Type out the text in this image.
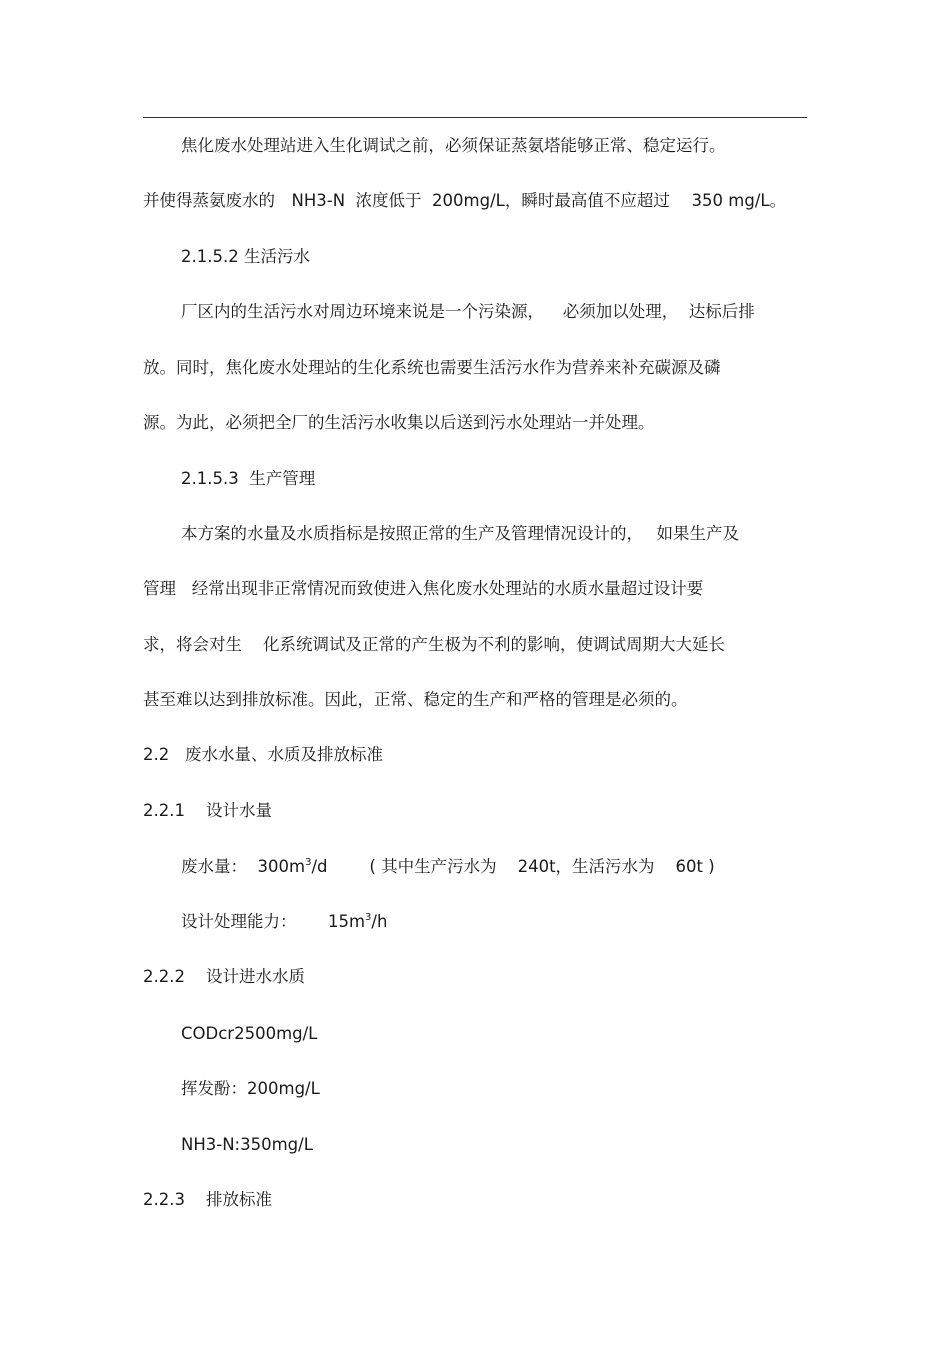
焦化废水处理站进入生化调试之前，必须保证蒸氨塔能够正常、稳定运行。
并使得蒸氨废水的　NH3-N  浓度低于  200mg/L，瞬时最高值不应超过　 350 mg/L。
2.1.5.2 生活污水
厂区内的生活污水对周边环境来说是一个污染源，　  必须加以处理，  达标后排
放。同时，焦化废水处理站的生化系统也需要生活污水作为营养来补充碳源及磷
源。为此，必须把全厂的生活污水收集以后送到污水处理站一并处理。
2.1.5.3  生产管理
本方案的水量及水质指标是按照正常的生产及管理情况设计的，　 如果生产及
管理   经常出现非正常情况而致使进入焦化废水处理站的水质水量超过设计要
求，将会对生    化系统调试及正常的产生极为不利的影响，使调试周期大大延长
甚至难以达到排放标准。因此，正常、稳定的生产和严格的管理是必须的。
2.2   废水水量、水质及排放标准
2.2.1    设计水量
废水量：  $300m^3/d$        ( 其中生产污水为    240t，生活污水为    60t )
设计处理能力：      $15m^3/h$
2.2.2    设计进水水质
CODcr2500mg/L
挥发酚：200mg/L
NH3-N:350mg/L
2.2.3    排放标准
